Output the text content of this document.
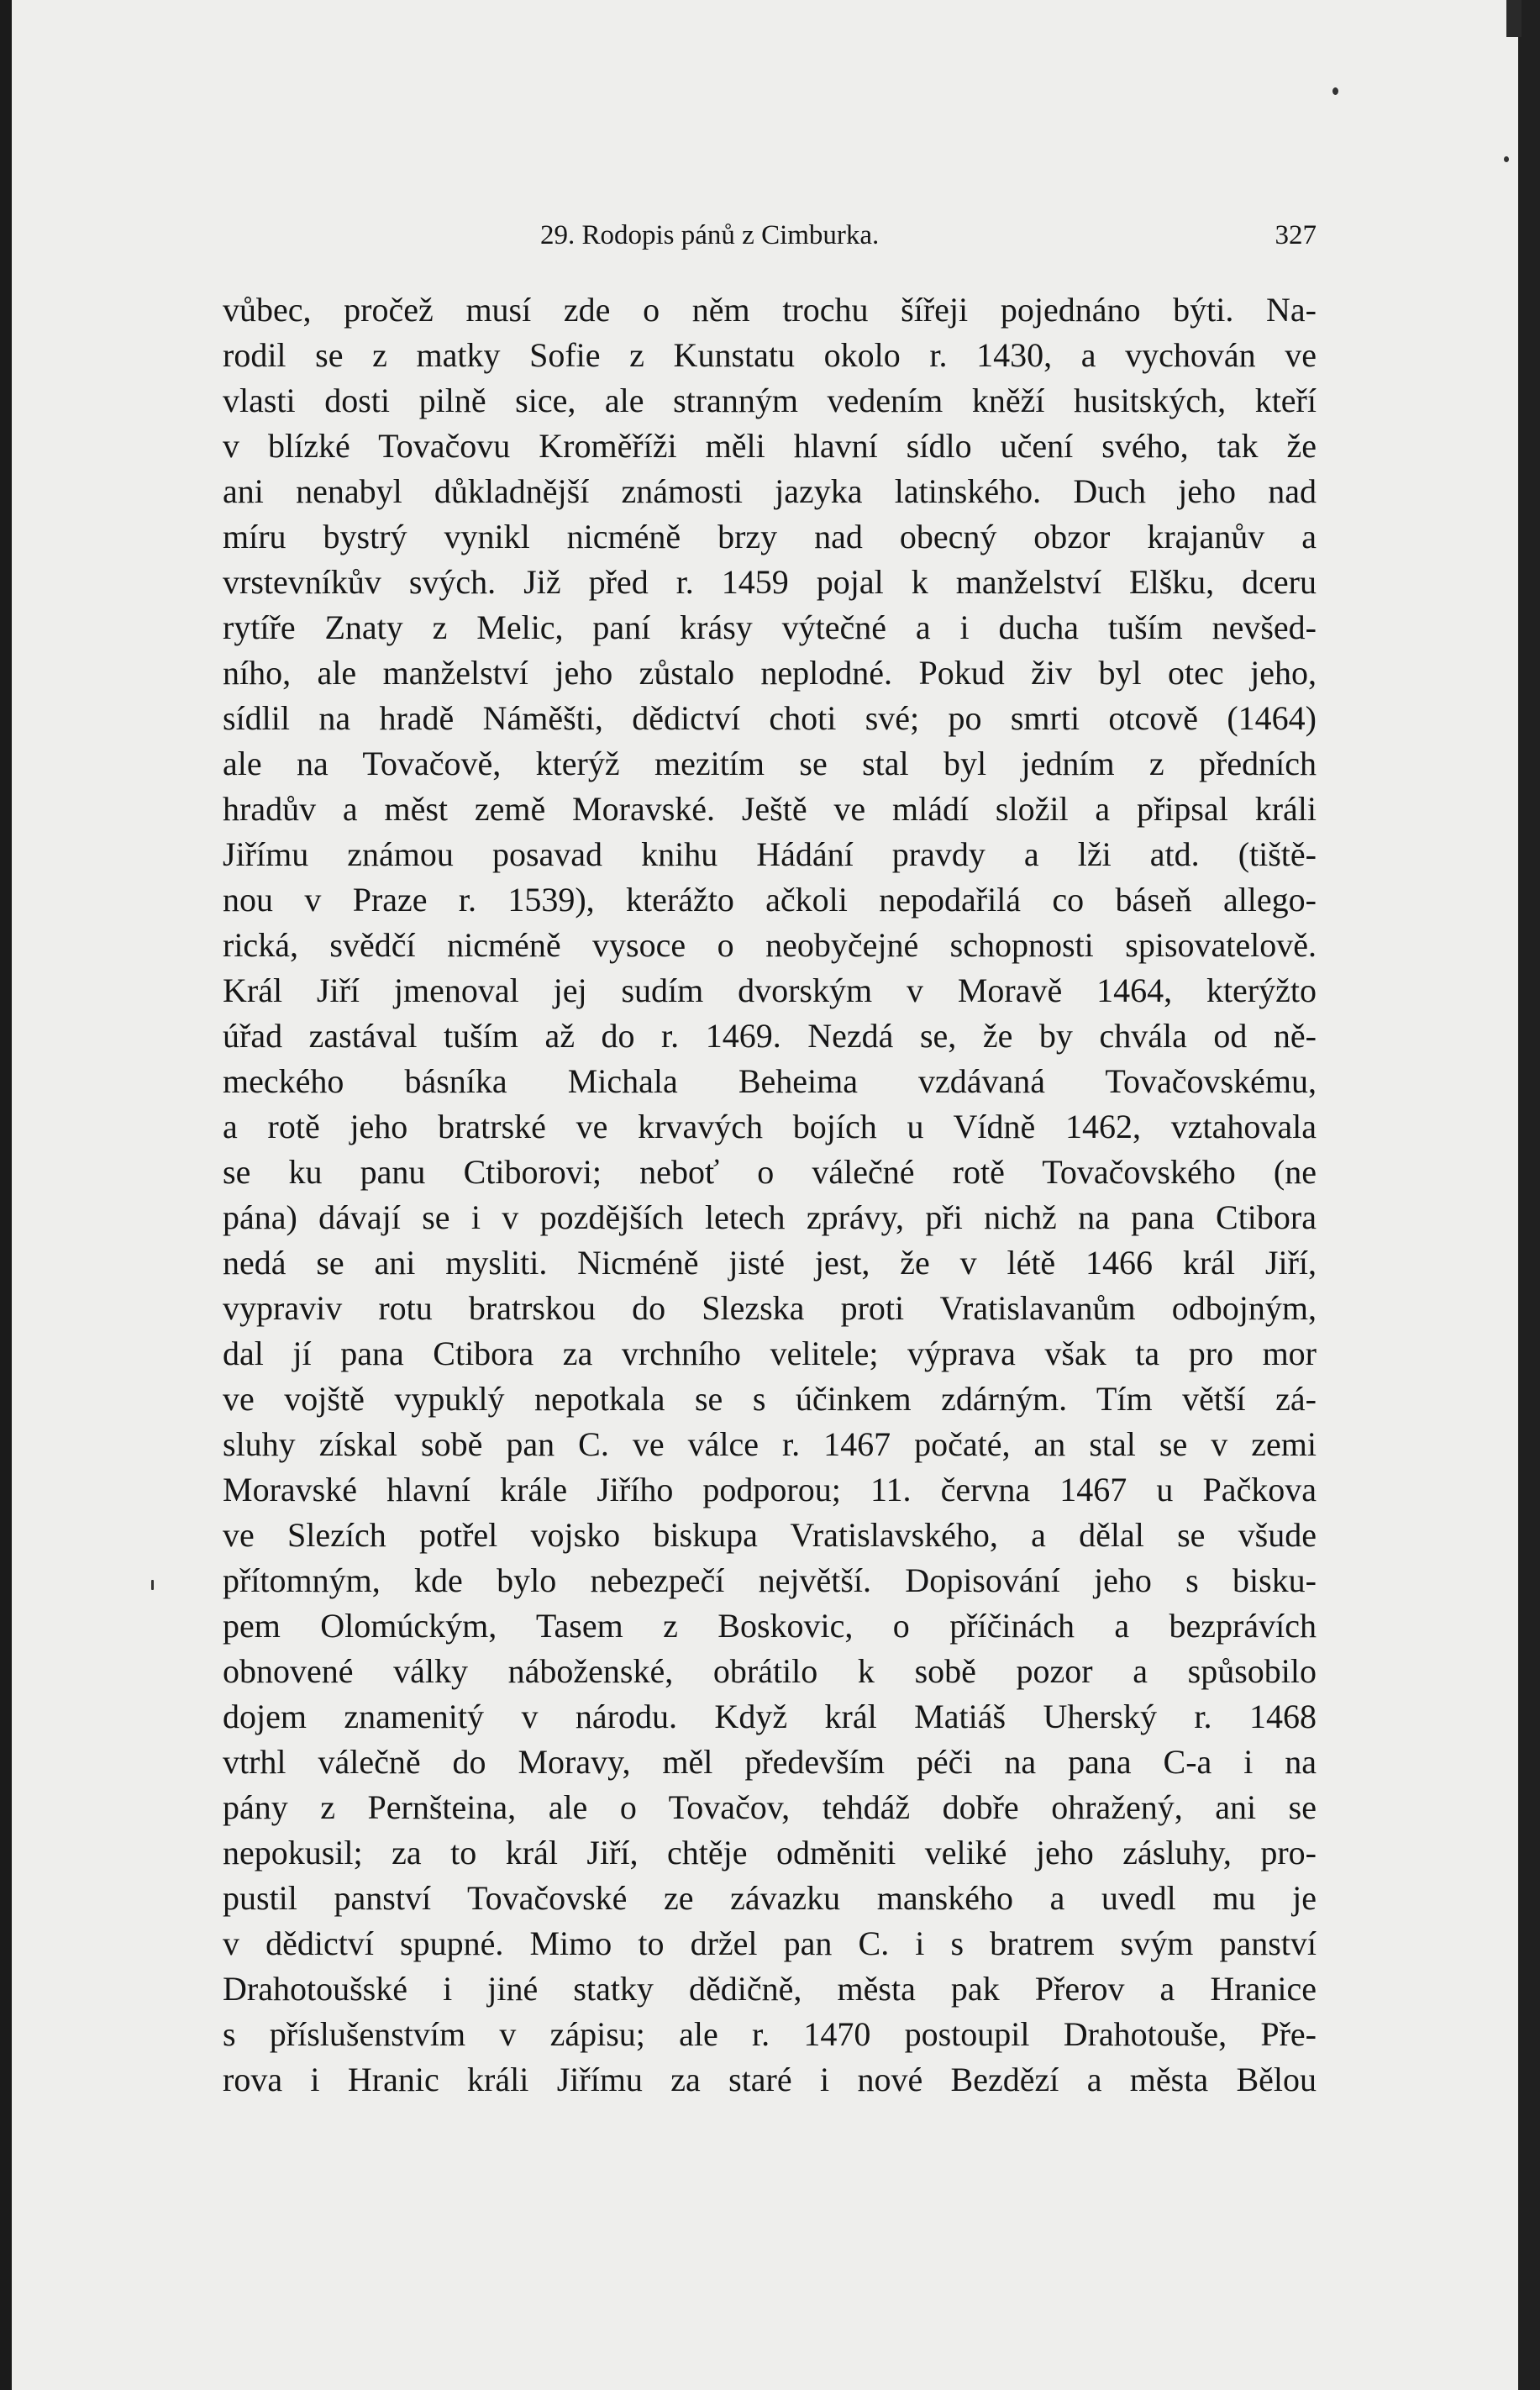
29. Rodopis pánů z Cimburka.	327
vůbec, pročež musí zde o něm trochu šířeji pojednáno býti. Na-
rodil se z matky Sofie z Kunstatu okolo r. 1430, a vychován ve
vlasti dosti pilně sice, ale stranným vedením kněží husitských, kteří
v blízké Tovačovu Kroměříži měli hlavní sídlo učení svého, tak že
ani nenabyl důkladnější známosti jazyka latinského. Duch jeho nad
míru bystrý vynikl nicméně brzy nad obecný obzor krajanův a
vrstevníkův svých. Již před r. 1459 pojal k manželství Elšku, dceru
rytíře Znaty z Melic, paní krásy výtečné a i ducha tuším nevšed-
ního, ale manželství jeho zůstalo neplodné. Pokud živ byl otec jeho,
sídlil na hradě Náměšti, dědictví choti své; po smrti otcově (1464)
ale na Tovačově, kterýž mezitím se stal byl jedním z předních
hradův a měst země Moravské. Ještě ve mládí složil a připsal králi
Jiřímu známou posavad knihu Hádání pravdy a lži atd. (tiště-
nou v Praze r. 1539), kterážto ačkoli nepodařilá co báseň allego-
rická, svědčí nicméně vysoce o neobyčejné schopnosti spisovatelově.
Král Jiří jmenoval jej sudím dvorským v Moravě 1464, kterýžto
úřad zastával tuším až do r. 1469. Nezdá se, že by chvála od ně-
meckého básníka Michala Beheima vzdávaná Tovačovskému,
a rotě jeho bratrské ve krvavých bojích u Vídně 1462, vztahovala
se ku panu Ctiborovi; neboť o válečné rotě Tovačovského (ne
pána) dávají se i v pozdějších letech zprávy, při nichž na pana Ctibora
nedá se ani mysliti. Nicméně jisté jest, že v létě 1466 král Jiří,
vypraviv rotu bratrskou do Slezska proti Vratislavanům odbojným,
dal jí pana Ctibora za vrchního velitele; výprava však ta pro mor
ve vojště vypuklý nepotkala se s účinkem zdárným. Tím větší zá-
sluhy získal sobě pan C. ve válce r. 1467 počaté, an stal se v zemi
Moravské hlavní krále Jiřího podporou; 11. června 1467 u Pačkova
ve Slezích potřel vojsko biskupa Vratislavského, a dělal se všude
přítomným, kde bylo nebezpečí největší. Dopisování jeho s bisku-
pem Olomúckým, Tasem z Boskovic, o příčinách a bezprávích
obnovené války náboženské, obrátilo k sobě pozor a spůsobilo
dojem znamenitý v národu. Když král Matiáš Uherský r. 1468
vtrhl válečně do Moravy, měl především péči na pana C-a i na
pány z Pernšteina, ale o Tovačov, tehdáž dobře ohražený, ani se
nepokusil; za to král Jiří, chtěje odměniti veliké jeho zásluhy, pro-
pustil panství Tovačovské ze závazku manského a uvedl mu je
v dědictví spupné. Mimo to držel pan C. i s bratrem svým panství
Drahotoušské i jiné statky dědičně, města pak Přerov a Hranice
s příslušenstvím v zápisu; ale r. 1470 postoupil Drahotouše, Pře-
rova i Hranic králi Jiřímu za staré i nové Bezdězí a města Bělou
